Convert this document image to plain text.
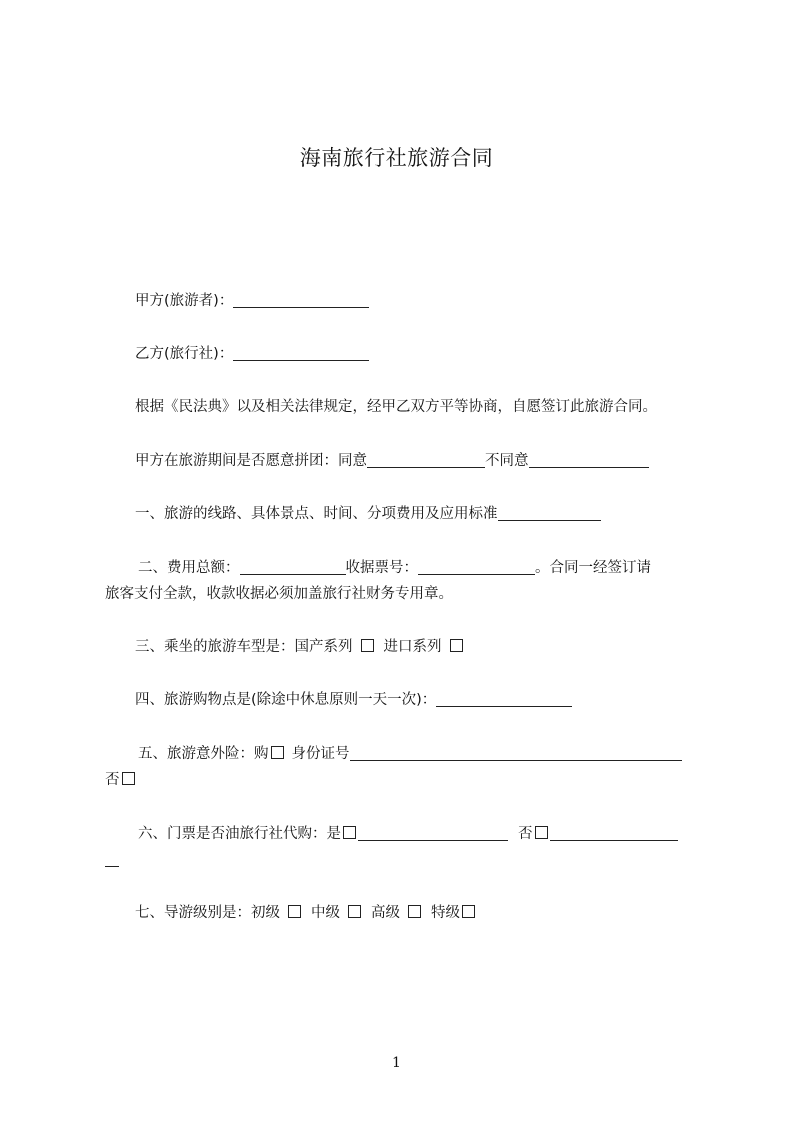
海南旅行社旅游合同
甲方(旅游者)：
乙方(旅行社)：
根据《民法典》以及相关法律规定，经甲乙双方平等协商，自愿签订此旅游合同。
甲方在旅游期间是否愿意拼团：同意	不同意
一、旅游的线路、具体景点、时间、分项费用及应用标准
二、费用总额：	收据票号：	。合同一经签订请
旅客支付全款，收款收据必须加盖旅行社财务专用章。
三、乘坐的旅游车型是：国产系列 进口系列
四、旅游购物点是(除途中休息原则一天一次)：
五、旅游意外险：购 身份证号
否
六、门票是否油旅行社代购：是	否
七、导游级别是：初级 中级 高级 特级
1
